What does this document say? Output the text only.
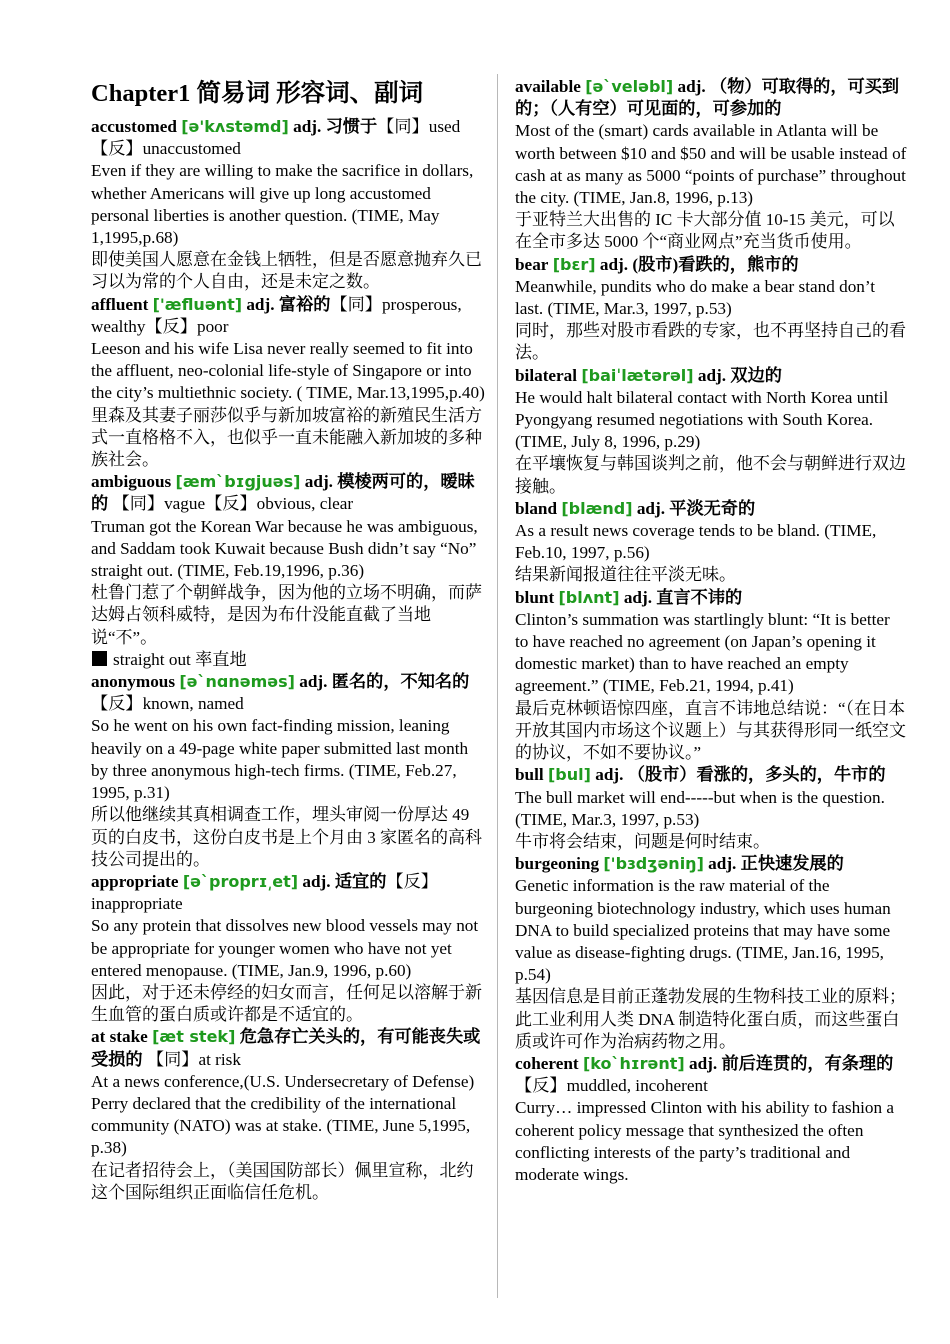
Chapter1 简易词 形容词、副词

accustomed [ə'kʌstəmd] adj. 习惯于【同】used【反】unaccustomed

Even if they are willing to make the sacrifice in dollars, whether Americans will give up long accustomed personal liberties is another question. (TIME, May 1,1995,p.68)

即使美国人愿意在金钱上牺牲，但是否愿意抛弃久已习以为常的个人自由，还是未定之数。

affluent ['æfluənt] adj. 富裕的【同】prosperous, wealthy【反】poor

Leeson and his wife Lisa never really seemed to fit into the affluent, neo-colonial life-style of Singapore or into the city’s multiethnic society. ( TIME, Mar.13,1995,p.40)

里森及其妻子丽莎似乎与新加坡富裕的新殖民生活方式一直格格不入，也似乎一直未能融入新加坡的多种族社会。

ambiguous [æm`bɪgjuəs] adj. 模棱两可的，暧昧的 【同】vague【反】obvious, clear

Truman got the Korean War because he was ambiguous, and Saddam took Kuwait because Bush didn’t say “No” straight out. (TIME, Feb.19,1996, p.36)

杜鲁门惹了个朝鲜战争，因为他的立场不明确，而萨达姆占领科威特，是因为布什没能直截了当地说“不”。

straight out 率直地

anonymous [ə`nɑnəməs] adj. 匿名的，不知名的 【反】known, named

So he went on his own fact-finding mission, leaning heavily on a 49-page white paper submitted last month by three anonymous high-tech firms. (TIME, Feb.27, 1995, p.31)

所以他继续其真相调查工作，埋头审阅一份厚达 49 页的白皮书，这份白皮书是上个月由 3 家匿名的高科技公司提出的。

appropriate [ə`proprɪ͵et] adj. 适宜的【反】inappropriate

So any protein that dissolves new blood vessels may not be appropriate for younger women who have not yet entered menopause. (TIME, Jan.9, 1996, p.60)

因此，对于还未停经的妇女而言，任何足以溶解于新生血管的蛋白质或许都是不适宜的。

at stake [æt stek] 危急存亡关头的，有可能丧失或受损的 【同】at risk

At a news conference,(U.S. Undersecretary of Defense) Perry declared that the credibility of the international community (NATO) was at stake. (TIME, June 5,1995, p.38)

在记者招待会上，（美国国防部长）佩里宣称，北约这个国际组织正面临信任危机。

available [ə`veləbl] adj. （物）可取得的，可买到的；（人有空）可见面的，可参加的

Most of the (smart) cards available in Atlanta will be worth between $10 and $50 and will be usable instead of cash at as many as 5000 “points of purchase” throughout the city. (TIME, Jan.8, 1996, p.13)

于亚特兰大出售的 IC 卡大部分值 10-15 美元，可以在全市多达 5000 个“商业网点”充当货币使用。

bear [bɛr] adj. (股市)看跌的，熊市的

Meanwhile, pundits who do make a bear stand don’t last. (TIME, Mar.3, 1997, p.53)

同时，那些对股市看跌的专家，也不再坚持自己的看法。

bilateral [baiˈlætərəl] adj. 双边的

He would halt bilateral contact with North Korea until Pyongyang resumed negotiations with South Korea. (TIME, July 8, 1996, p.29)

在平壤恢复与韩国谈判之前，他不会与朝鲜进行双边接触。

bland [blænd] adj. 平淡无奇的

As a result news coverage tends to be bland. (TIME, Feb.10, 1997, p.56)

结果新闻报道往往平淡无味。

blunt [blʌnt] adj. 直言不讳的

Clinton’s summation was startlingly blunt: “It is better to have reached no agreement (on Japan’s opening it domestic market) than to have reached an empty agreement.” (TIME, Feb.21, 1994, p.41)

最后克林顿语惊四座，直言不讳地总结说：“（在日本开放其国内市场这个议题上）与其获得形同一纸空文的协议，不如不要协议。”

bull [bul] adj. （股市）看涨的，多头的，牛市的

The bull market will end-----but when is the question. (TIME, Mar.3, 1997, p.53)

牛市将会结束，问题是何时结束。

burgeoning ['bɜdʒəniŋ] adj. 正快速发展的

Genetic information is the raw material of the burgeoning biotechnology industry, which uses human DNA to build specialized proteins that may have some value as disease-fighting drugs. (TIME, Jan.16, 1995, p.54)

基因信息是目前正蓬勃发展的生物科技工业的原料；此工业利用人类 DNA 制造特化蛋白质，而这些蛋白质或许可作为治病药物之用。

coherent [ko`hɪrənt] adj. 前后连贯的，有条理的 【反】muddled, incoherent

Curry… impressed Clinton with his ability to fashion a coherent policy message that synthesized the often conflicting interests of the party’s traditional and moderate wings.
